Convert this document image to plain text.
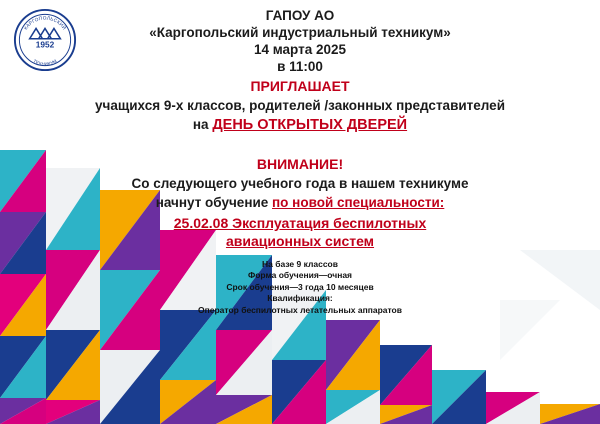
1952
КАРГОПОЛЬСКИЙ
ТЕХНИКУМ

ГАПОУ АО

«Каргопольский индустриальный техникум»

14 марта 2025

в 11:00

ПРИГЛАШАЕТ

учащихся 9-х классов, родителей /законных представителей

на ДЕНЬ ОТКРЫТЫХ ДВЕРЕЙ

ВНИМАНИЕ!

Со следующего учебного года в нашем техникуме

начнут обучение по новой специальности:

25.02.08 Эксплуатация беспилотных

авиационных систем

На базе 9 классов
Форма обучения—очная
Срок обучения—3 года 10 месяцев
Квалификация:
Оператор беспилотных летательных аппаратов
